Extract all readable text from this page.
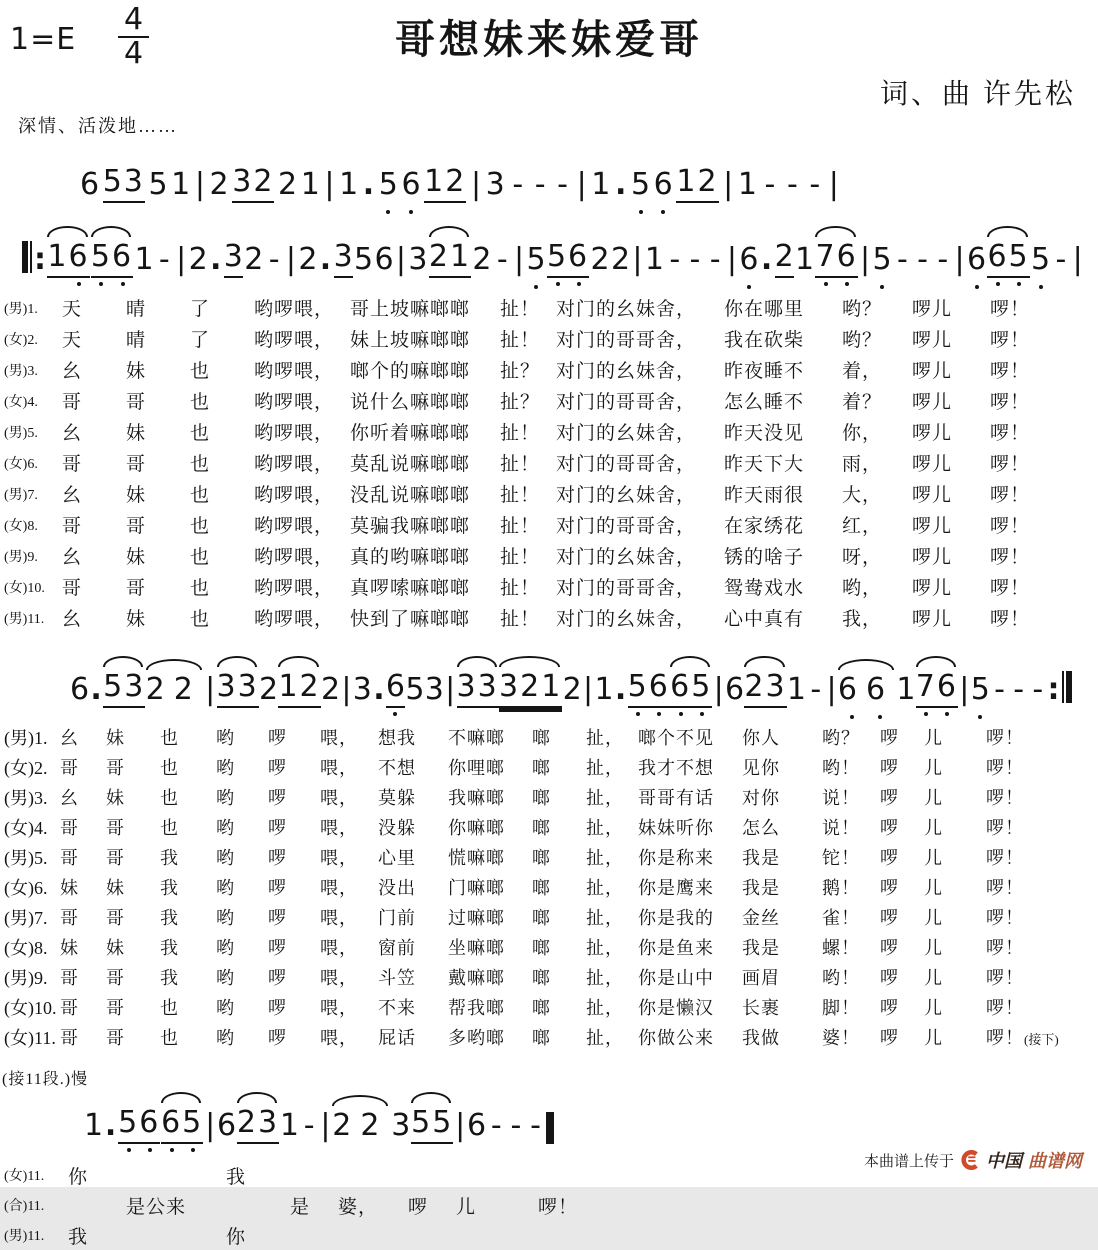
$1=E \frac{4}{4}$	哥想妹来妹爱哥
词、曲 许先松
深情、活泼地……
6 53 5 1 | 2 32 2 1 | 1 . 5 6 12 | 3 - - - | 1 . 5 6 12 | 1 - - - |
: 16 56 1 - | 2 . 3 2 - | 2 . 3 5 6 | 3 21 2 - | 5 56 2 2 | 1 - - - | 6 . 2 1 76 | 5 - - - | 6 65 5 - |
(男)1.	天	晴	了	哟啰喂，	哥上坡嘛啷啷	扯！	对门的幺妹舍，	你在哪里	哟？	啰儿	啰！
(女)2.	天	晴	了	哟啰喂，	妹上坡嘛啷啷	扯！	对门的哥哥舍，	我在砍柴	哟？	啰儿	啰！
(男)3.	幺	妹	也	哟啰喂，	啷个的嘛啷啷	扯？	对门的幺妹舍，	昨夜睡不	着，	啰儿	啰！
(女)4.	哥	哥	也	哟啰喂，	说什么嘛啷啷	扯？	对门的哥哥舍，	怎么睡不	着？	啰儿	啰！
(男)5.	幺	妹	也	哟啰喂，	你听着嘛啷啷	扯！	对门的幺妹舍，	昨天没见	你，	啰儿	啰！
(女)6.	哥	哥	也	哟啰喂，	莫乱说嘛啷啷	扯！	对门的哥哥舍，	昨天下大	雨，	啰儿	啰！
(男)7.	幺	妹	也	哟啰喂，	没乱说嘛啷啷	扯！	对门的幺妹舍，	昨天雨很	大，	啰儿	啰！
(女)8.	哥	哥	也	哟啰喂，	莫骗我嘛啷啷	扯！	对门的哥哥舍，	在家绣花	红，	啰儿	啰！
(男)9.	幺	妹	也	哟啰喂，	真的哟嘛啷啷	扯！	对门的幺妹舍，	锈的啥子	呀，	啰儿	啰！
(女)10.	哥	哥	也	哟啰喂，	真啰嗦嘛啷啷	扯！	对门的哥哥舍，	鸳鸯戏水	哟，	啰儿	啰！
(男)11.	幺	妹	也	哟啰喂，	快到了嘛啷啷	扯！	对门的幺妹舍，	心中真有	我，	啰儿	啰！
6 . 53 22 | 33 2 12 2 | 3 . 6 5 3 | 33 321 2 | 1 . 56 65 | 6 23 1 - | 66 1 76 | 5 - - - :
(男)1.	幺	妹	也	哟	啰	喂，	想我	不嘛啷	啷	扯，	啷个不见	你人	哟？	啰	儿	啰！
(女)2.	哥	哥	也	哟	啰	喂，	不想	你哩啷	啷	扯，	我才不想	见你	哟！	啰	儿	啰！
(男)3.	幺	妹	也	哟	啰	喂，	莫躲	我嘛啷	啷	扯，	哥哥有话	对你	说！	啰	儿	啰！
(女)4.	哥	哥	也	哟	啰	喂，	没躲	你嘛啷	啷	扯，	妹妹听你	怎么	说！	啰	儿	啰！
(男)5.	哥	哥	我	哟	啰	喂，	心里	慌嘛啷	啷	扯，	你是称来	我是	铊！	啰	儿	啰！
(女)6.	妹	妹	我	哟	啰	喂，	没出	门嘛啷	啷	扯，	你是鹰来	我是	鹅！	啰	儿	啰！
(男)7.	哥	哥	我	哟	啰	喂，	门前	过嘛啷	啷	扯，	你是我的	金丝	雀！	啰	儿	啰！
(女)8.	妹	妹	我	哟	啰	喂，	窗前	坐嘛啷	啷	扯，	你是鱼来	我是	螺！	啰	儿	啰！
(男)9.	哥	哥	我	哟	啰	喂，	斗笠	戴嘛啷	啷	扯，	你是山中	画眉	哟！	啰	儿	啰！
(女)10.	哥	哥	也	哟	啰	喂，	不来	帮我啷	啷	扯，	你是懒汉	长裹	脚！	啰	儿	啰！
(女)11.	哥	哥	也	哟	啰	喂，	屁话	多哟啷	啷	扯，	你做公来	我做	婆！	啰	儿	啰！(接下)
(接11段.)慢
1 . 56 65 | 6 23 1 - | 22 3 55 | 6 - - -
(女)11.	你		我					
(合)11.		是公来		是	婆，	啰	儿	啰！
(男)11.	我		你					
本曲谱上传于 中国 曲谱网
